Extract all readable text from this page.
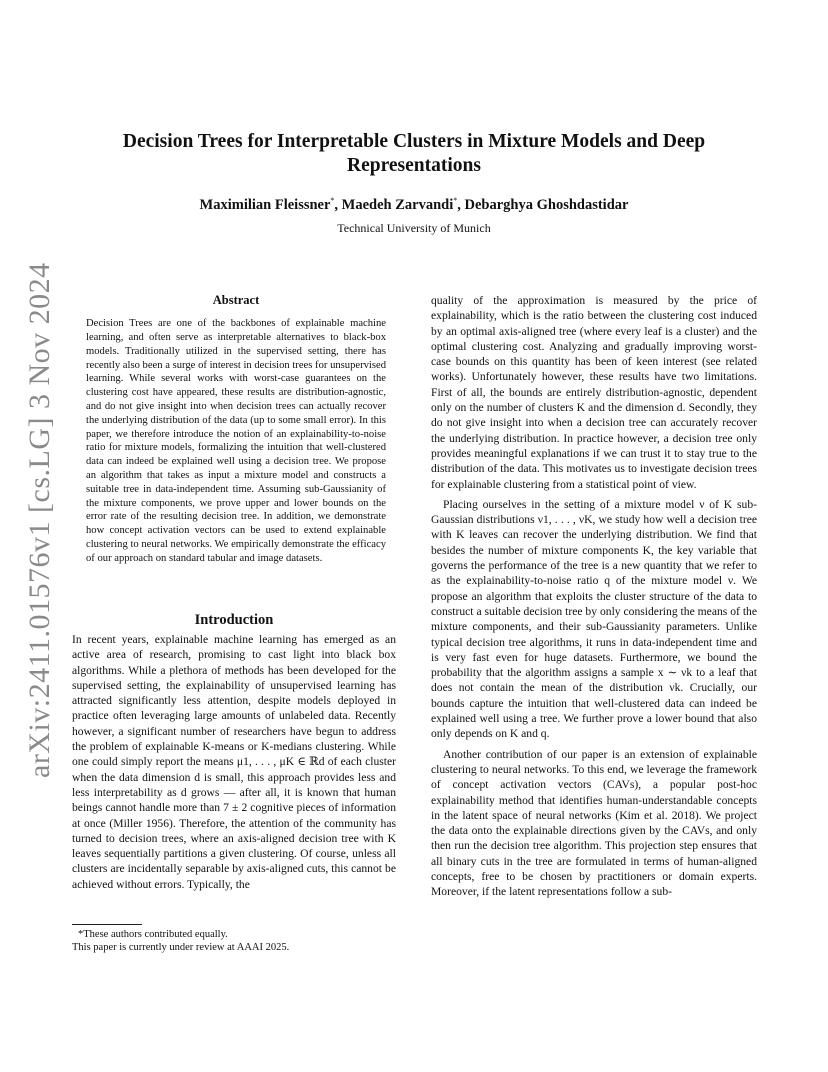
arXiv:2411.01576v1 [cs.LG] 3 Nov 2024
Decision Trees for Interpretable Clusters in Mixture Models and Deep Representations
Maximilian Fleissner*, Maedeh Zarvandi*, Debarghya Ghoshdastidar
Technical University of Munich
Abstract

Decision Trees are one of the backbones of explainable machine learning, and often serve as interpretable alternatives to black-box models. Traditionally utilized in the supervised setting, there has recently also been a surge of interest in decision trees for unsupervised learning. While several works with worst-case guarantees on the clustering cost have appeared, these results are distribution-agnostic, and do not give insight into when decision trees can actually recover the underlying distribution of the data (up to some small error). In this paper, we therefore introduce the notion of an explainability-to-noise ratio for mixture models, formalizing the intuition that well-clustered data can indeed be explained well using a decision tree. We propose an algorithm that takes as input a mixture model and constructs a suitable tree in data-independent time. Assuming sub-Gaussianity of the mixture components, we prove upper and lower bounds on the error rate of the resulting decision tree. In addition, we demonstrate how concept activation vectors can be used to extend explainable clustering to neural networks. We empirically demonstrate the efficacy of our approach on standard tabular and image datasets.

Introduction

In recent years, explainable machine learning has emerged as an active area of research, promising to cast light into black box algorithms. While a plethora of methods has been developed for the supervised setting, the explainability of unsupervised learning has attracted significantly less attention, despite models deployed in practice often leveraging large amounts of unlabeled data. Recently however, a significant number of researchers have begun to address the problem of explainable K-means or K-medians clustering. While one could simply report the means μ1, . . . , μK ∈ ℝd of each cluster when the data dimension d is small, this approach provides less and less interpretability as d grows — after all, it is known that human beings cannot handle more than 7 ± 2 cognitive pieces of information at once (Miller 1956). Therefore, the attention of the community has turned to decision trees, where an axis-aligned decision tree with K leaves sequentially partitions a given clustering. Of course, unless all clusters are incidentally separable by axis-aligned cuts, this cannot be achieved without errors. Typically, the

quality of the approximation is measured by the price of explainability, which is the ratio between the clustering cost induced by an optimal axis-aligned tree (where every leaf is a cluster) and the optimal clustering cost. Analyzing and gradually improving worst-case bounds on this quantity has been of keen interest (see related works). Unfortunately however, these results have two limitations. First of all, the bounds are entirely distribution-agnostic, dependent only on the number of clusters K and the dimension d. Secondly, they do not give insight into when a decision tree can accurately recover the underlying distribution. In practice however, a decision tree only provides meaningful explanations if we can trust it to stay true to the distribution of the data. This motivates us to investigate decision trees for explainable clustering from a statistical point of view.

Placing ourselves in the setting of a mixture model ν of K sub-Gaussian distributions ν1, . . . , νK, we study how well a decision tree with K leaves can recover the underlying distribution. We find that besides the number of mixture components K, the key variable that governs the performance of the tree is a new quantity that we refer to as the explainability-to-noise ratio q of the mixture model ν. We propose an algorithm that exploits the cluster structure of the data to construct a suitable decision tree by only considering the means of the mixture components, and their sub-Gaussianity parameters. Unlike typical decision tree algorithms, it runs in data-independent time and is very fast even for huge datasets. Furthermore, we bound the probability that the algorithm assigns a sample x ∼ νk to a leaf that does not contain the mean of the distribution νk. Crucially, our bounds capture the intuition that well-clustered data can indeed be explained well using a tree. We further prove a lower bound that also only depends on K and q.

Another contribution of our paper is an extension of explainable clustering to neural networks. To this end, we leverage the framework of concept activation vectors (CAVs), a popular post-hoc explainability method that identifies human-understandable concepts in the latent space of neural networks (Kim et al. 2018). We project the data onto the explainable directions given by the CAVs, and only then run the decision tree algorithm. This projection step ensures that all binary cuts in the tree are formulated in terms of human-aligned concepts, free to be chosen by practitioners or domain experts. Moreover, if the latent representations follow a sub-

*These authors contributed equally.
This paper is currently under review at AAAI 2025.
